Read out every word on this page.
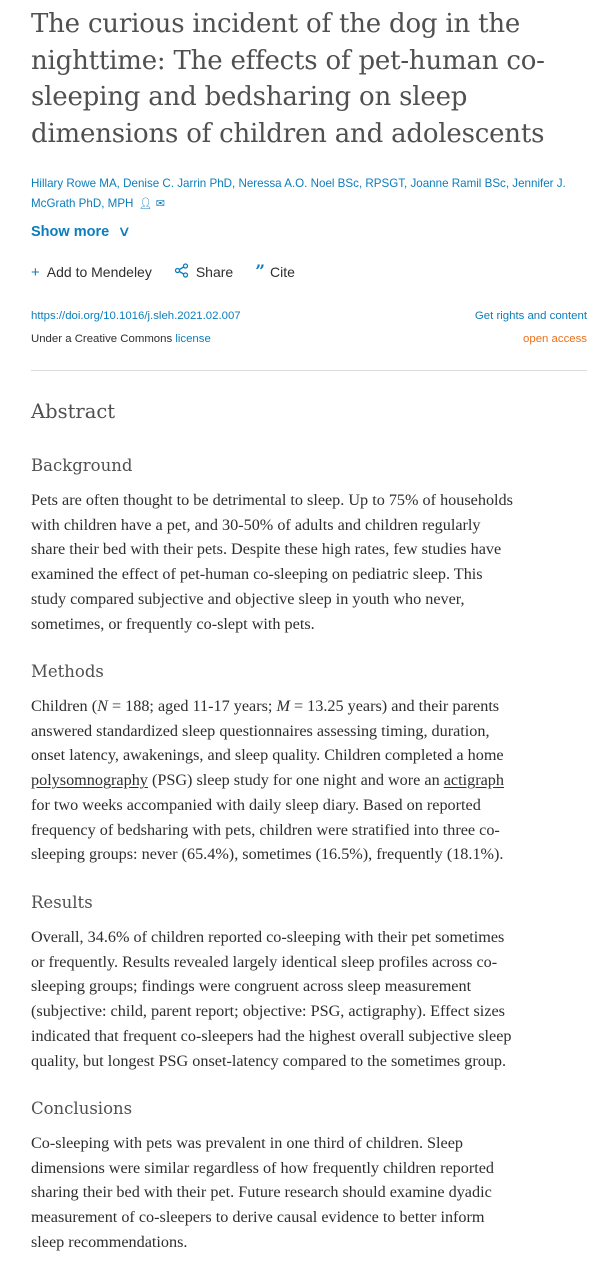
The curious incident of the dog in the
nighttime: The effects of pet-human co-
sleeping and bedsharing on sleep
dimensions of children and adolescents
Hillary Rowe MA, Denise C. Jarrin PhD, Neressa A.O. Noel BSc, RPSGT, Joanne Ramil BSc, Jennifer J.
McGrath PhD, MPH 👤︎ ✉︎
Show more ∨
+ Add to Mendeley	Share ” Cite
https://doi.org/10.1016/j.sleh.2021.02.007	Get rights and content
Under a Creative Commons license	open access
Abstract
Background

Pets are often thought to be detrimental to sleep. Up to 75% of households
with children have a pet, and 30-50% of adults and children regularly
share their bed with their pets. Despite these high rates, few studies have
examined the effect of pet-human co-sleeping on pediatric sleep. This
study compared subjective and objective sleep in youth who never,
sometimes, or frequently co-slept with pets.

Methods

Children (N = 188; aged 11-17 years; M = 13.25 years) and their parents
answered standardized sleep questionnaires assessing timing, duration,
onset latency, awakenings, and sleep quality. Children completed a home
polysomnography (PSG) sleep study for one night and wore an actigraph
for two weeks accompanied with daily sleep diary. Based on reported
frequency of bedsharing with pets, children were stratified into three co-
sleeping groups: never (65.4%), sometimes (16.5%), frequently (18.1%).

Results

Overall, 34.6% of children reported co-sleeping with their pet sometimes
or frequently. Results revealed largely identical sleep profiles across co-
sleeping groups; findings were congruent across sleep measurement
(subjective: child, parent report; objective: PSG, actigraphy). Effect sizes
indicated that frequent co-sleepers had the highest overall subjective sleep
quality, but longest PSG onset-latency compared to the sometimes group.

Conclusions

Co-sleeping with pets was prevalent in one third of children. Sleep
dimensions were similar regardless of how frequently children reported
sharing their bed with their pet. Future research should examine dyadic
measurement of co-sleepers to derive causal evidence to better inform
sleep recommendations.
